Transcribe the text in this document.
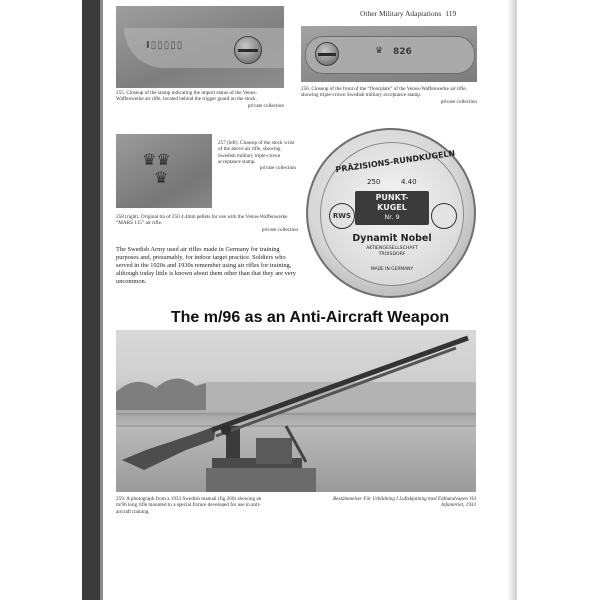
Other Military Adaptations 119
I▯▯▯▯▯
255. Closeup of the stamp indicating the import status of the Venus-Waffenwerke air rifle, located behind the trigger guard on the stock.
private collection
♛ 826
256. Closeup of the front of the “floorplate” of the Venus-Waffenwerke air rifle, showing triple-crown Swedish military acceptance stamp.
private collection
♛♛
♛
257 (left). Closeup of the stock wrist of the above air rifle, showing Swedish military triple-crown acceptance stamp.
private collection
258 (right). Original tin of 250 4.4mm pellets for use with the Venus-Waffenwerke “MARS 115” air rifle.
private collection
PRÄZISIONS-RUNDKUGELN
250	4.40
RWS
PUNKT-
KUGEL
Nr. 9
Dynamit Nobel
AKTIENGESELLSCHAFT
TROISDORF
MADE IN GERMANY
The Swedish Army used air rifles made in Germany for training purposes and, presumably, for indoor target practice. Soldiers who served in the 1920s and 1930s remember using air rifles for training, although today little is known about them other than that they are very uncommon.
The m/96 as an Anti-Aircraft Weapon
259. A photograph from a 1933 Swedish manual (fig 260) showing an m/96 long rifle mounted to a special fixture developed for use in anti-aircraft training.
Bestämmelser För Utbildning I Luftskjutning med Eldhandvapen Vid Infanteriet, 1933
